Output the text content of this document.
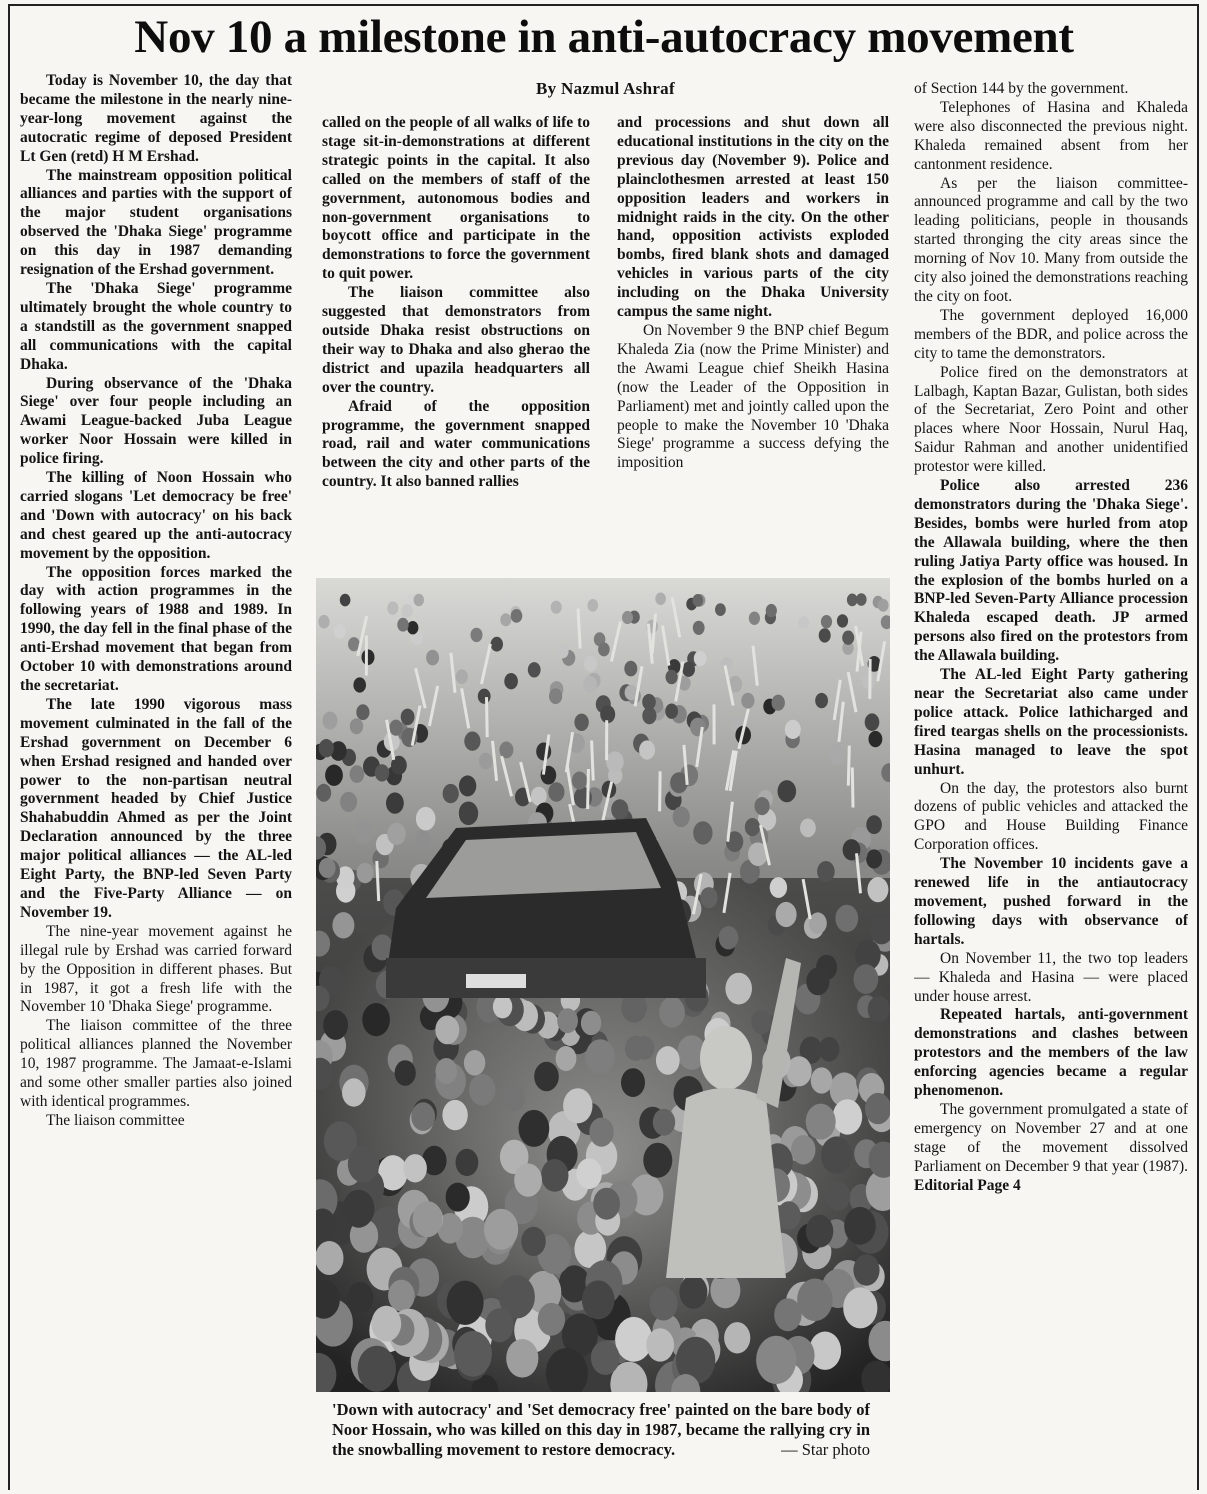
Nov 10 a milestone in anti-autocracy movement

Today is November 10, the day that became the milestone in the nearly nine-year-long movement against the autocratic regime of deposed President Lt Gen (retd) H M Ershad.

The mainstream opposition political alliances and parties with the support of the major student organisations observed the 'Dhaka Siege' programme on this day in 1987 demanding resignation of the Ershad government.

The 'Dhaka Siege' programme ultimately brought the whole country to a standstill as the government snapped all communications with the capital Dhaka.

During observance of the 'Dhaka Siege' over four people including an Awami League-backed Juba League worker Noor Hossain were killed in police firing.

The killing of Noon Hossain who carried slogans 'Let democracy be free' and 'Down with autocracy' on his back and chest geared up the anti-autocracy movement by the opposition.

The opposition forces marked the day with action programmes in the following years of 1988 and 1989. In 1990, the day fell in the final phase of the anti-Ershad movement that began from October 10 with demonstrations around the secretariat.

The late 1990 vigorous mass movement culminated in the fall of the Ershad government on December 6 when Ershad resigned and handed over power to the non-partisan neutral government headed by Chief Justice Shahabuddin Ahmed as per the Joint Declaration announced by the three major political alliances — the AL-led Eight Party, the BNP-led Seven Party and the Five-Party Alliance — on November 19.

The nine-year movement against he illegal rule by Ershad was carried forward by the Opposition in different phases. But in 1987, it got a fresh life with the November 10 'Dhaka Siege' programme.

The liaison committee of the three political alliances planned the November 10, 1987 programme. The Jamaat-e-Islami and some other smaller parties also joined with identical programmes.

The liaison committee

By Nazmul Ashraf

called on the people of all walks of life to stage sit-in-demonstrations at different strategic points in the capital. It also called on the members of staff of the government, autonomous bodies and non-government organisations to boycott office and participate in the demonstrations to force the government to quit power.

The liaison committee also suggested that demonstrators from outside Dhaka resist obstructions on their way to Dhaka and also gherao the district and upazila headquarters all over the country.

Afraid of the opposition programme, the government snapped road, rail and water communications between the city and other parts of the country. It also banned rallies

and processions and shut down all educational institutions in the city on the previous day (November 9). Police and plainclothesmen arrested at least 150 opposition leaders and workers in midnight raids in the city. On the other hand, opposition activists exploded bombs, fired blank shots and damaged vehicles in various parts of the city including on the Dhaka University campus the same night.

On November 9 the BNP chief Begum Khaleda Zia (now the Prime Minister) and the Awami League chief Sheikh Hasina (now the Leader of the Opposition in Parliament) met and jointly called upon the people to make the November 10 'Dhaka Siege' programme a success defying the imposition

of Section 144 by the government.

Telephones of Hasina and Khaleda were also disconnected the previous night. Khaleda remained absent from her cantonment residence.

As per the liaison committee-announced programme and call by the two leading politicians, people in thousands started thronging the city areas since the morning of Nov 10. Many from outside the city also joined the demonstrations reaching the city on foot.

The government deployed 16,000 members of the BDR, and police across the city to tame the demonstrators.

Police fired on the demonstrators at Lalbagh, Kaptan Bazar, Gulistan, both sides of the Secretariat, Zero Point and other places where Noor Hossain, Nurul Haq, Saidur Rahman and another unidentified protestor were killed.

Police also arrested 236 demonstrators during the 'Dhaka Siege'. Besides, bombs were hurled from atop the Allawala building, where the then ruling Jatiya Party office was housed. In the explosion of the bombs hurled on a BNP-led Seven-Party Alliance procession Khaleda escaped death. JP armed persons also fired on the protestors from the Allawala building.

The AL-led Eight Party gathering near the Secretariat also came under police attack. Police lathicharged and fired teargas shells on the processionists. Hasina managed to leave the spot unhurt.

On the day, the protestors also burnt dozens of public vehicles and attacked the GPO and House Building Finance Corporation offices.

The November 10 incidents gave a renewed life in the antiautocracy movement, pushed forward in the following days with observance of hartals.

On November 11, the two top leaders — Khaleda and Hasina — were placed under house arrest.

Repeated hartals, anti-government demonstrations and clashes between protestors and the members of the law enforcing agencies became a regular phenomenon.

The government promulgated a state of emergency on November 27 and at one stage of the movement dissolved Parliament on December 9 that year (1987). Editorial Page 4

'Down with autocracy' and 'Set democracy free' painted on the bare body of Noor Hossain, who was killed on this day in 1987, became the rallying cry in the snowballing movement to restore democracy.	— Star photo
